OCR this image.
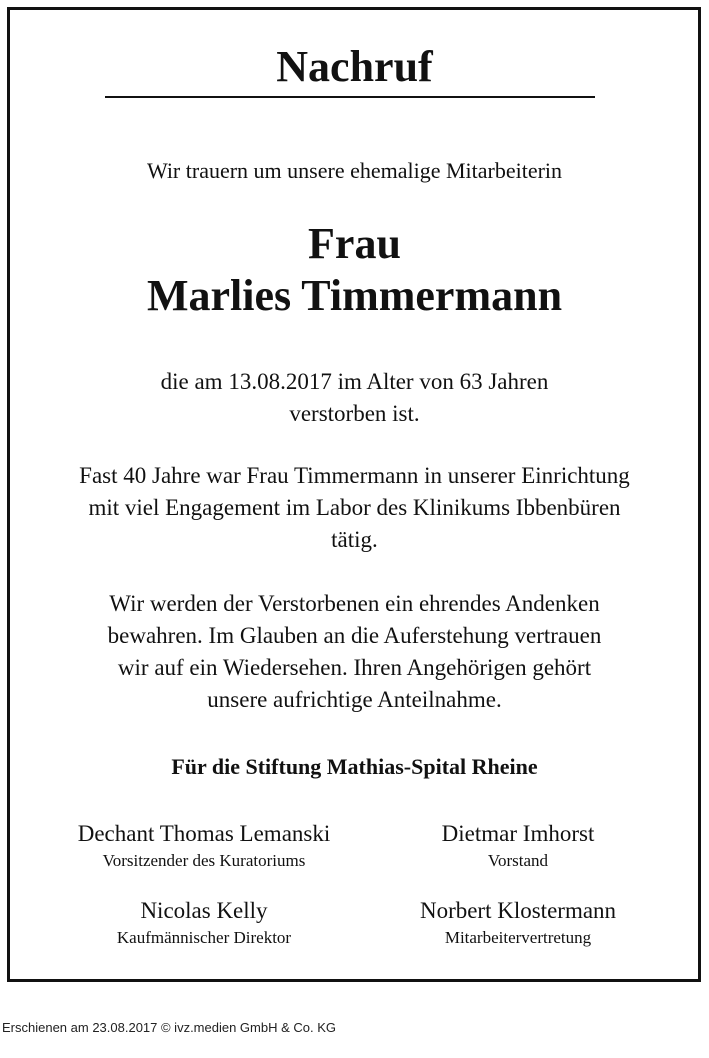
Nachruf
Wir trauern um unsere ehemalige Mitarbeiterin
Frau
Marlies Timmermann
die am 13.08.2017 im Alter von 63 Jahren
verstorben ist.
Fast 40 Jahre war Frau Timmermann in unserer Einrichtung
mit viel Engagement im Labor des Klinikums Ibbenbüren
tätig.
Wir werden der Verstorbenen ein ehrendes Andenken
bewahren. Im Glauben an die Auferstehung vertrauen
wir auf ein Wiedersehen. Ihren Angehörigen gehört
unsere aufrichtige Anteilnahme.
Für die Stiftung Mathias-Spital Rheine
Dechant Thomas Lemanski
Vorsitzender des Kuratoriums
Dietmar Imhorst
Vorstand
Nicolas Kelly
Kaufmännischer Direktor
Norbert Klostermann
Mitarbeitervertretung
Erschienen am 23.08.2017 © ivz.medien GmbH & Co. KG
